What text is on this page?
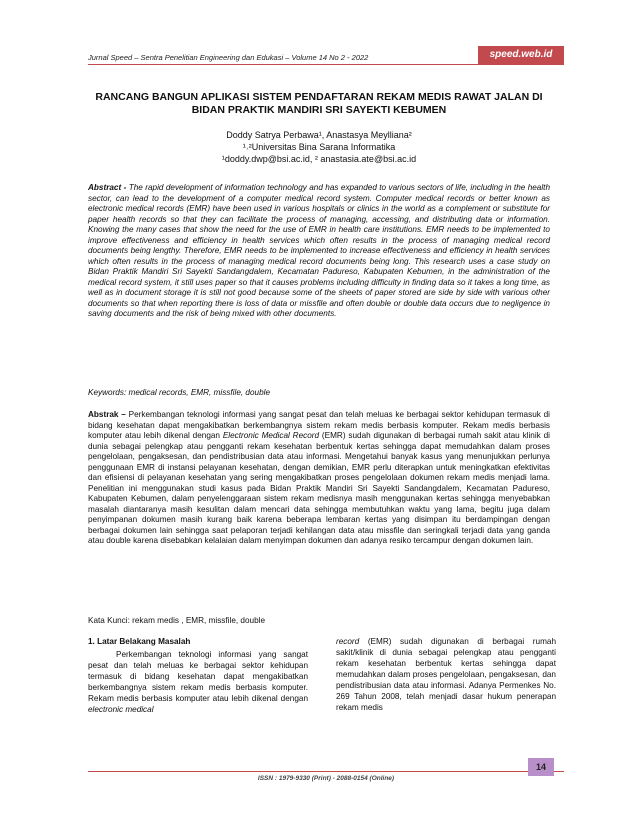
Jurnal Speed – Sentra Penelitian Engineering dan Edukasi – Volume 14 No 2 - 2022	speed.web.id
RANCANG BANGUN APLIKASI SISTEM PENDAFTARAN REKAM MEDIS RAWAT JALAN DI BIDAN PRAKTIK MANDIRI SRI SAYEKTI KEBUMEN
Doddy Satrya Perbawa¹, Anastasya Meylliana²
¹˒²Universitas Bina Sarana Informatika
¹doddy.dwp@bsi.ac.id, ² anastasia.ate@bsi.ac.id
Abstract - The rapid development of information technology and has expanded to various sectors of life, including in the health sector, can lead to the development of a computer medical record system. Computer medical records or better known as electronic medical records (EMR) have been used in various hospitals or clinics in the world as a complement or substitute for paper health records so that they can facilitate the process of managing, accessing, and distributing data or information. Knowing the many cases that show the need for the use of EMR in health care institutions. EMR needs to be implemented to improve effectiveness and efficiency in health services which often results in the process of managing medical record documents being lengthy. Therefore, EMR needs to be implemented to increase effectiveness and efficiency in health services which often results in the process of managing medical record documents being long. This research uses a case study on Bidan Praktik Mandiri Sri Sayekti Sandangdalem, Kecamatan Padureso, Kabupaten Kebumen, in the administration of the medical record system, it still uses paper so that it causes problems including difficulty in finding data so it takes a long time, as well as in document storage it is still not good because some of the sheets of paper stored are side by side with various other documents so that when reporting there is loss of data or missfile and often double or double data occurs due to negligence in saving documents and the risk of being mixed with other documents.
Keywords: medical records, EMR, missfile, double
Abstrak – Perkembangan teknologi informasi yang sangat pesat dan telah meluas ke berbagai sektor kehidupan termasuk di bidang kesehatan dapat mengakibatkan berkembangnya sistem rekam medis berbasis komputer. Rekam medis berbasis komputer atau lebih dikenal dengan Electronic Medical Record (EMR) sudah digunakan di berbagai rumah sakit atau klinik di dunia sebagai pelengkap atau pengganti rekam kesehatan berbentuk kertas sehingga dapat memudahkan dalam proses pengelolaan, pengaksesan, dan pendistribusian data atau informasi. Mengetahui banyak kasus yang menunjukkan perlunya penggunaan EMR di instansi pelayanan kesehatan, dengan demikian, EMR perlu diterapkan untuk meningkatkan efektivitas dan efisiensi di pelayanan kesehatan yang sering mengakibatkan proses pengelolaan dokumen rekam medis menjadi lama. Penelitian ini menggunakan studi kasus pada Bidan Praktik Mandiri Sri Sayekti Sandangdalem, Kecamatan Padureso, Kabupaten Kebumen, dalam penyelenggaraan sistem rekam medisnya masih menggunakan kertas sehingga menyebabkan masalah diantaranya masih kesulitan dalam mencari data sehingga membutuhkan waktu yang lama, begitu juga dalam penyimpanan dokumen masih kurang baik karena beberapa lembaran kertas yang disimpan itu berdampingan dengan berbagai dokumen lain sehingga saat pelaporan terjadi kehilangan data atau missfile dan seringkali terjadi data yang ganda atau double karena disebabkan kelalaian dalam menyimpan dokumen dan adanya resiko tercampur dengan dokumen lain.
Kata Kunci: rekam medis , EMR, missfile, double
1. Latar Belakang Masalah
Perkembangan teknologi informasi yang sangat pesat dan telah meluas ke berbagai sektor kehidupan termasuk di bidang kesehatan dapat mengakibatkan berkembangnya sistem rekam medis berbasis komputer. Rekam medis berbasis komputer atau lebih dikenal dengan electronic medical
record (EMR) sudah digunakan di berbagai rumah sakit/klinik di dunia sebagai pelengkap atau pengganti rekam kesehatan berbentuk kertas sehingga dapat memudahkan dalam proses pengelolaan, pengaksesan, dan pendistribusian data atau informasi. Adanya Permenkes No. 269 Tahun 2008, telah menjadi dasar hukum penerapan rekam medis
ISSN : 1979-9330 (Print) - 2088-0154 (Online)
14
